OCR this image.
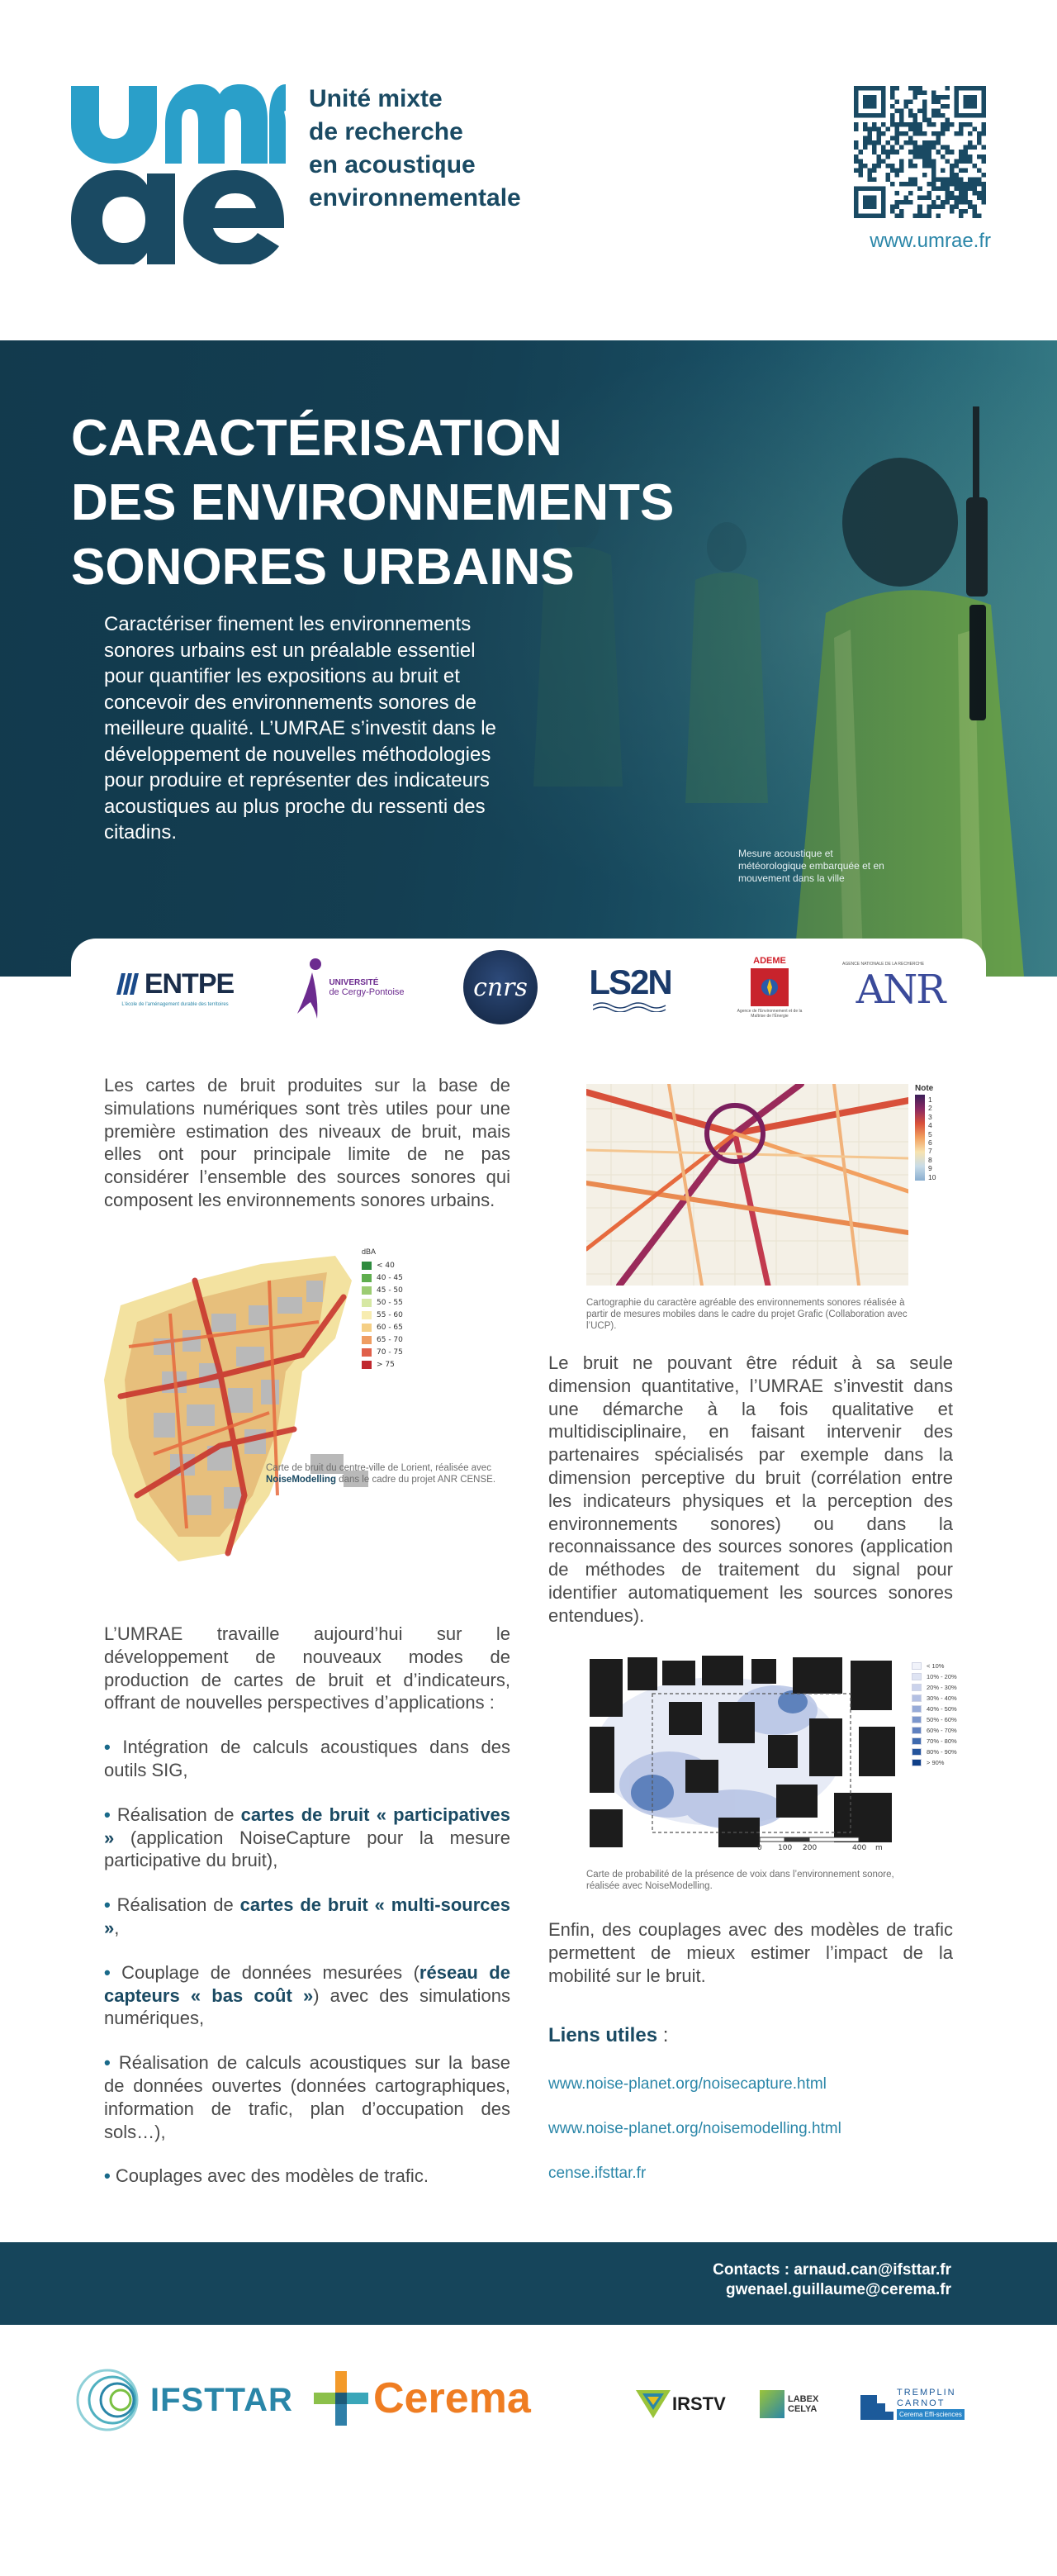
Unité mixte
de recherche
en acoustique
environnementale
www.umrae.fr
CARACTÉRISATION
DES ENVIRONNEMENTS
SONORES URBAINS

Caractériser finement les environnements sonores urbains est un préalable essentiel pour quantifier les expositions au bruit et concevoir des environnements sonores de meilleure qualité. L’UMRAE s’investit dans le développement de nouvelles méthodologies pour produire et représenter des indicateurs acoustiques au plus proche du ressenti des citadins.

Mesure acoustique et météorologique embarquée et en mouvement dans la ville

ENTPE
L'école de l'aménagement durable des territoires
UNIVERSITÉ
de Cergy-Pontoise	cnrs LS2N
ADEME
Agence de l'Environnement et de la Maîtrise de l'Énergie
AGENCE NATIONALE DE LA RECHERCHE
ANR

Les cartes de bruit produites sur la base de simulations numériques sont très utiles pour une première estimation des niveaux de bruit, mais elles ont pour principale limite de ne pas considérer l’ensemble des sources sonores qui composent les environnements sonores urbains.

dBA
< 40
40 - 45
45 - 50
50 - 55
55 - 60
60 - 65
65 - 70
70 - 75
> 75

Carte de bruit du centre-ville de Lorient, réalisée avec NoiseModelling dans le cadre du projet ANR CENSE.

L’UMRAE travaille aujourd’hui sur le développement de nouveaux modes de production de cartes de bruit et d’indicateurs, offrant de nouvelles perspectives d’applications :

• Intégration de calculs acoustiques dans des outils SIG,

• Réalisation de cartes de bruit « participatives » (application NoiseCapture pour la mesure participative du bruit),

• Réalisation de cartes de bruit « multi-sources »,

• Couplage de données mesurées (réseau de capteurs « bas coût ») avec des simulations numériques,

• Réalisation de calculs acoustiques sur la base de données ouvertes (données cartographiques, information de trafic, plan d’occupation des sols…),

• Couplages avec des modèles de trafic.

Note
1
2
3
4
5
6
7
8
9
10

Cartographie du caractère agréable des environnements sonores réalisée à partir de mesures mobiles dans le cadre du projet Grafic (Collaboration avec l’UCP).

Le bruit ne pouvant être réduit à sa seule dimension quantitative, l’UMRAE s’investit dans une démarche à la fois qualitative et multidisciplinaire, en faisant intervenir des partenaires spécialisés par exemple dans la dimension perceptive du bruit (corrélation entre les indicateurs physiques et la perception des environnements sonores) ou dans la reconnaissance des sources sonores (application de méthodes de traitement du signal pour identifier automatiquement les sources sonores entendues).

0 100 200	400 m
< 10%
10% - 20%
20% - 30%
30% - 40%
40% - 50%
50% - 60%
60% - 70%
70% - 80%
80% - 90%
> 90%

Carte de probabilité de la présence de voix dans l’environnement sonore, réalisée avec NoiseModelling.

Enfin, des couplages avec des modèles de trafic permettent de mieux estimer l’impact de la mobilité sur le bruit.

Liens utiles :

www.noise-planet.org/noisecapture.html
www.noise-planet.org/noisemodelling.html
cense.ifsttar.fr
Contacts : arnaud.can@ifsttar.fr
gwenael.guillaume@cerema.fr
IFSTTAR Cerema	IRSTV	LABEX
CELYA
TREMPLIN
CARNOT
Cerema Effi-sciences
